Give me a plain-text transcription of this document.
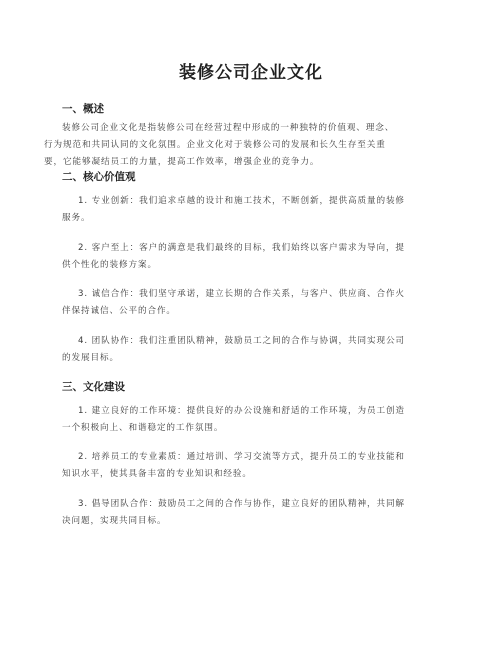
装修公司企业文化
一、概述
装修公司企业文化是指装修公司在经营过程中形成的一种独特的价值观、理念、
行为规范和共同认同的文化氛围。企业文化对于装修公司的发展和长久生存至关重
要，它能够凝结员工的力量，提高工作效率，增强企业的竞争力。
二、核心价值观
1. 专业创新：我们追求卓越的设计和施工技术，不断创新，提供高质量的装修
服务。
2. 客户至上：客户的满意是我们最终的目标，我们始终以客户需求为导向，提
供个性化的装修方案。
3. 诚信合作：我们坚守承诺，建立长期的合作关系，与客户、供应商、合作火
伴保持诚信、公平的合作。
4. 团队协作：我们注重团队精神，鼓励员工之间的合作与协调，共同实现公司
的发展目标。
三、文化建设
1. 建立良好的工作环境：提供良好的办公设施和舒适的工作环境，为员工创造
一个积极向上、和谐稳定的工作氛围。
2. 培养员工的专业素质：通过培训、学习交流等方式，提升员工的专业技能和
知识水平，使其具备丰富的专业知识和经验。
3. 倡导团队合作：鼓励员工之间的合作与协作，建立良好的团队精神，共同解
决问题，实现共同目标。
